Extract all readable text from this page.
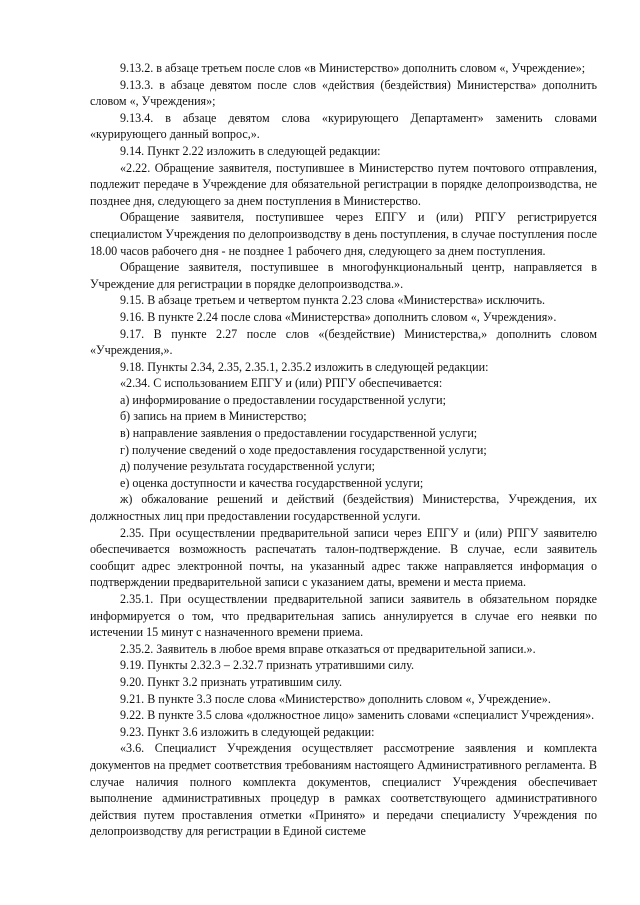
9.13.2. в абзаце третьем после слов «в Министерство» дополнить словом «, Учреждение»;

9.13.3. в абзаце девятом после слов «действия (бездействия) Министерства» дополнить словом «, Учреждения»;

9.13.4. в абзаце девятом слова «курирующего Департамент» заменить словами «курирующего данный вопрос,».

9.14. Пункт 2.22 изложить в следующей редакции:

«2.22. Обращение заявителя, поступившее в Министерство путем почтового отправления, подлежит передаче в Учреждение для обязательной регистрации в порядке делопроизводства, не позднее дня, следующего за днем поступления в Министерство.

Обращение заявителя, поступившее через ЕПГУ и (или) РПГУ регистрируется специалистом Учреждения по делопроизводству в день поступления, в случае поступления после 18.00 часов рабочего дня - не позднее 1 рабочего дня, следующего за днем поступления.

Обращение заявителя, поступившее в многофункциональный центр, направляется в Учреждение для регистрации в порядке делопроизводства.».

9.15. В абзаце третьем и четвертом пункта 2.23 слова «Министерства» исключить.

9.16. В пункте 2.24 после слова «Министерства» дополнить словом «, Учреждения».

9.17. В пункте 2.27 после слов «(бездействие) Министерства,» дополнить словом «Учреждения,».

9.18. Пункты 2.34, 2.35, 2.35.1, 2.35.2 изложить в следующей редакции:

«2.34. С использованием ЕПГУ и (или) РПГУ обеспечивается:

а) информирование о предоставлении государственной услуги;

б) запись на прием в Министерство;

в) направление заявления о предоставлении государственной услуги;

г) получение сведений о ходе предоставления государственной услуги;

д) получение результата государственной услуги;

е) оценка доступности и качества государственной услуги;

ж) обжалование решений и действий (бездействия) Министерства, Учреждения, их должностных лиц при предоставлении государственной услуги.

2.35. При осуществлении предварительной записи через ЕПГУ и (или) РПГУ заявителю обеспечивается возможность распечатать талон-подтверждение. В случае, если заявитель сообщит адрес электронной почты, на указанный адрес также направляется информация о подтверждении предварительной записи с указанием даты, времени и места приема.

2.35.1. При осуществлении предварительной записи заявитель в обязательном порядке информируется о том, что предварительная запись аннулируется в случае его неявки по истечении 15 минут с назначенного времени приема.

2.35.2. Заявитель в любое время вправе отказаться от предварительной записи.».

9.19. Пункты 2.32.3 – 2.32.7 признать утратившими силу.

9.20. Пункт 3.2 признать утратившим силу.

9.21. В пункте 3.3 после слова «Министерство» дополнить словом «, Учреждение».

9.22. В пункте 3.5 слова «должностное лицо» заменить словами «специалист Учреждения».

9.23. Пункт 3.6 изложить в следующей редакции:

«3.6. Специалист Учреждения осуществляет рассмотрение заявления и комплекта документов на предмет соответствия требованиям настоящего Административного регламента. В случае наличия полного комплекта документов, специалист Учреждения обеспечивает выполнение административных процедур в рамках соответствующего административного действия путем проставления отметки «Принято» и передачи специалисту Учреждения по делопроизводству для регистрации в Единой системе
